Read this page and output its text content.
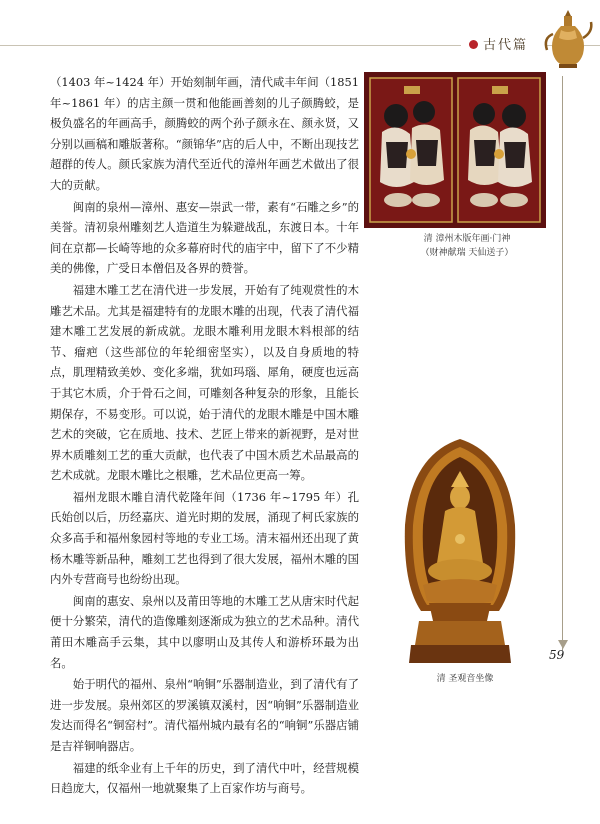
古代篇
59

（1403 年~1424 年）开始刻制年画，清代咸丰年间（1851 年~1861 年）的店主颜一贯和他能画善刻的儿子颜腾蛟，是极负盛名的年画高手，颜腾蛟的两个孙子颜永在、颜永贤，又分别以画稿和雕版著称。“颜锦华”店的后人中，不断出现技艺超群的传人。颜氏家族为清代至近代的漳州年画艺术做出了很大的贡献。

闽南的泉州—漳州、惠安—崇武一带，素有“石雕之乡”的美誉。清初泉州雕刻艺人造道生为躲避战乱，东渡日本。十年间在京都—长崎等地的众多幕府时代的庙宇中，留下了不少精美的佛像，广受日本僧侣及各界的赞誉。

福建木雕工艺在清代进一步发展，开始有了纯观赏性的木雕艺术品。尤其是福建特有的龙眼木雕的出现，代表了清代福建木雕工艺发展的新成就。龙眼木雕利用龙眼木料根部的结节、瘤疤（这些部位的年轮细密坚实），以及自身质地的特点，肌理精致美妙、变化多端，犹如玛瑙、犀角，硬度也远高于其它木质，介于骨石之间，可雕刻各种复杂的形象，且能长期保存，不易变形。可以说，始于清代的龙眼木雕是中国木雕艺术的突破，它在质地、技术、艺匠上带来的新视野，是对世界木质雕刻工艺的重大贡献，也代表了中国木质艺术品最高的艺术成就。龙眼木雕比之根雕，艺术品位更高一筹。

福州龙眼木雕自清代乾隆年间（1736 年~1795 年）孔氏始创以后，历经嘉庆、道光时期的发展，涌现了柯氏家族的众多高手和福州象园村等地的专业工场。清末福州还出现了黄杨木雕等新品种，雕刻工艺也得到了很大发展，福州木雕的国内外专营商号也纷纷出现。

闽南的惠安、泉州以及莆田等地的木雕工艺从唐宋时代起便十分繁荣，清代的造像雕刻逐渐成为独立的艺术品种。清代莆田木雕高手云集，其中以廖明山及其传人和游桥环最为出名。

始于明代的福州、泉州“响铜”乐器制造业，到了清代有了进一步发展。泉州郊区的罗溪镇双溪村，因“响铜”乐器制造业发达而得名“铜窑村”。清代福州城内最有名的“响铜”乐器店铺是吉祥铜响器店。

福建的纸伞业有上千年的历史，到了清代中叶，经营规模日趋庞大，仅福州一地就聚集了上百家作坊与商号。

清 漳州木版年画·门神
（财神献瑞 天仙送子）
清 圣观音坐像
